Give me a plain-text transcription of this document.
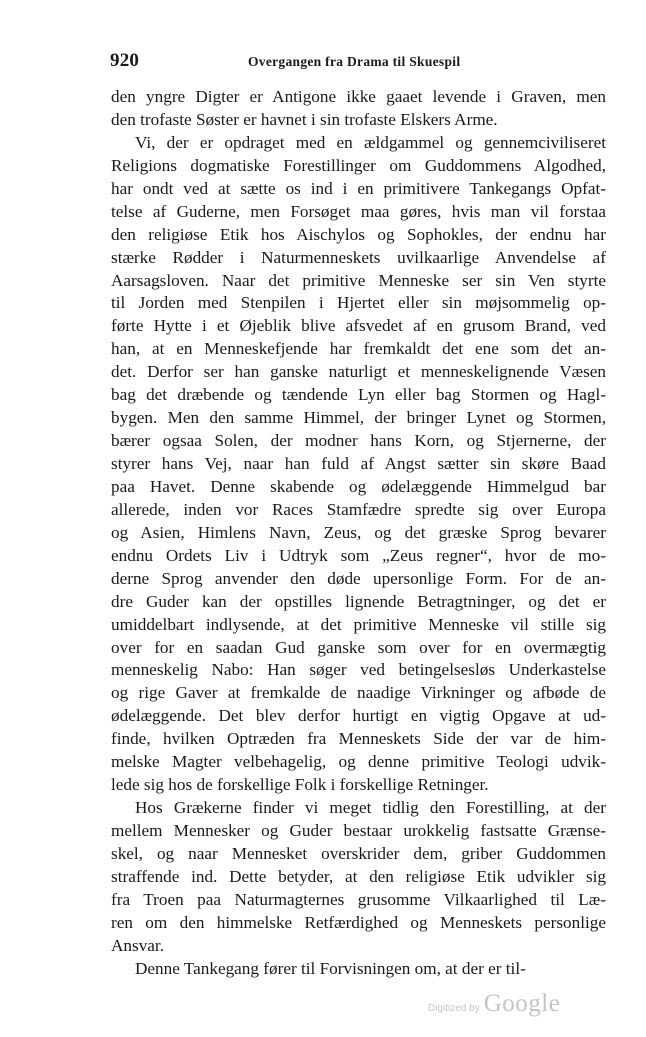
920	Overgangen fra Drama til Skuespil
den yngre Digter er Antigone ikke gaaet levende i Graven, men
den trofaste Søster er havnet i sin trofaste Elskers Arme.
Vi, der er opdraget med en ældgammel og gennemciviliseret
Religions dogmatiske Forestillinger om Guddommens Algodhed,
har ondt ved at sætte os ind i en primitivere Tankegangs Opfat-
telse af Guderne, men Forsøget maa gøres, hvis man vil forstaa
den religiøse Etik hos Aischylos og Sophokles, der endnu har
stærke Rødder i Naturmenneskets uvilkaarlige Anvendelse af
Aarsagsloven. Naar det primitive Menneske ser sin Ven styrte
til Jorden med Stenpilen i Hjertet eller sin møjsommelig op-
førte Hytte i et Øjeblik blive afsvedet af en grusom Brand, ved
han, at en Menneskefjende har fremkaldt det ene som det an-
det. Derfor ser han ganske naturligt et menneskelignende Væsen
bag det dræbende og tændende Lyn eller bag Stormen og Hagl-
bygen. Men den samme Himmel, der bringer Lynet og Stormen,
bærer ogsaa Solen, der modner hans Korn, og Stjernerne, der
styrer hans Vej, naar han fuld af Angst sætter sin skøre Baad
paa Havet. Denne skabende og ødelæggende Himmelgud bar
allerede, inden vor Races Stamfædre spredte sig over Europa
og Asien, Himlens Navn, Zeus, og det græske Sprog bevarer
endnu Ordets Liv i Udtryk som „Zeus regner“, hvor de mo-
derne Sprog anvender den døde upersonlige Form. For de an-
dre Guder kan der opstilles lignende Betragtninger, og det er
umiddelbart indlysende, at det primitive Menneske vil stille sig
over for en saadan Gud ganske som over for en overmægtig
menneskelig Nabo: Han søger ved betingelsesløs Underkastelse
og rige Gaver at fremkalde de naadige Virkninger og afbøde de
ødelæggende. Det blev derfor hurtigt en vigtig Opgave at ud-
finde, hvilken Optræden fra Menneskets Side der var de him-
melske Magter velbehagelig, og denne primitive Teologi udvik-
lede sig hos de forskellige Folk i forskellige Retninger.
Hos Grækerne finder vi meget tidlig den Forestilling, at der
mellem Mennesker og Guder bestaar urokkelig fastsatte Grænse-
skel, og naar Mennesket overskrider dem, griber Guddommen
straffende ind. Dette betyder, at den religiøse Etik udvikler sig
fra Troen paa Naturmagternes grusomme Vilkaarlighed til Læ-
ren om den himmelske Retfærdighed og Menneskets personlige
Ansvar.
Denne Tankegang fører til Forvisningen om, at der er til-
$_{Digitized by}$ Google
